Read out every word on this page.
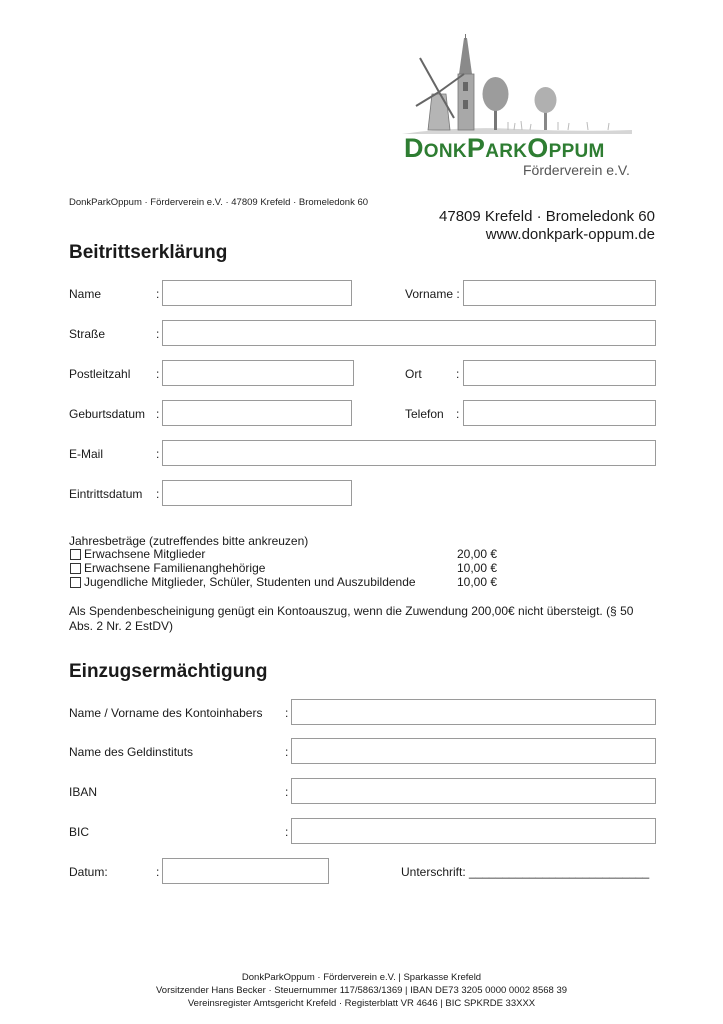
DonkParkOppum
Förderverein e.V.
DonkParkOppum · Förderverein e.V. · 47809 Krefeld · Bromeledonk 60
47809 Krefeld · Bromeledonk 60
www.donkpark-oppum.de
Beitrittserklärung
Name	:	Vorname :
Straße	:
Postleitzahl :	Ort	:
Geburtsdatum :	Telefon :
E-Mail	:
Eintrittsdatum :
Jahresbeträge (zutreffendes bitte ankreuzen)
Erwachsene Mitglieder	20,00 €
Erwachsene Familienanghehörige	10,00 €
Jugendliche Mitglieder, Schüler, Studenten und Auszubildende	10,00 €
Als Spendenbescheinigung genügt ein Kontoauszug, wenn die Zuwendung 200,00€ nicht übersteigt. (§ 50
Abs. 2 Nr. 2 EstDV)
Einzugsermächtigung
Name / Vorname des Kontoinhabers :
Name des Geldinstituts	:
IBAN	:
BIC	:
Datum:	:	Unterschrift: ___________________________
DonkParkOppum · Förderverein e.V. | Sparkasse Krefeld
Vorsitzender Hans Becker · Steuernummer 117/5863/1369 | IBAN DE73 3205 0000 0002 8568 39
Vereinsregister Amtsgericht Krefeld · Registerblatt VR 4646 | BIC SPKRDE 33XXX
